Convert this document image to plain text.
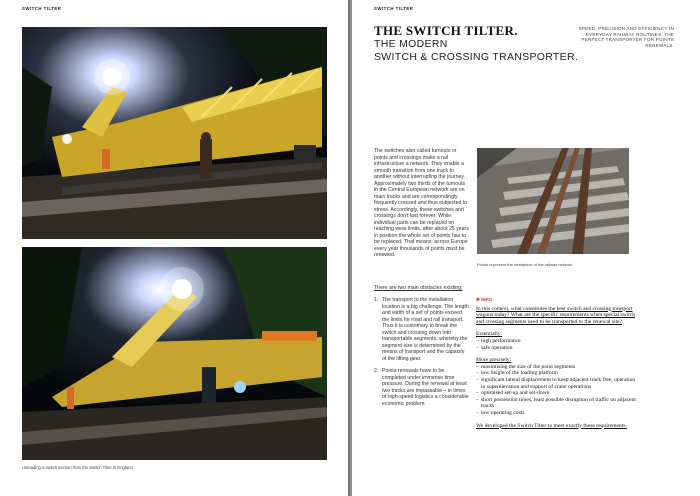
SWITCH TILTER
Unloading a switch section from the Switch Tilter in England
SWITCH TILTER
THE SWITCH TILTER.
THE MODERN
SWITCH & CROSSING TRANSPORTER.
SPEED, PRECISION AND EFFICIENCY IN EVERYDAY RAILWAY ROUTINES: THE PERFECT TRANSPORTER FOR POINTS RENEWALS.
The switches also called turnouts or points and crossings make a rail infrastructure a network. They enable a smooth transition from one track to another without interrupting the journey. Approximately two thirds of the turnouts in the Central European network are on main tracks and are correspondingly frequently crossed and thus subjected to stress. Accordingly, these switches and crossings don't last forever. While individual parts can be replaced on reaching wear limits, after about 25 years in position the whole set of points has to be replaced. That means: across Europe every year thousands of points must be renewed.
Points represent the heartpiece of the railway network
There are two main obstacles existing:
1. The transport to the installation location is a big challenge. The length and width of a set of points exceed the limits for road and rail transport. Thus it is customary to break the switch and crossing down into transportable segments, whereby the segment size is determined by the means of transport and the capacity of the lifting gear.
2. Points renewals have to be completed under immense time pressure. During the renewal at least two tracks are impassable – in times of high-speed logistics a considerable economic problem.
✱ INFO
In this context, what constitutes the best switch and crossing transport wagons today? What are the specific requirements when special switch and crossing segments need to be transported to the renewal site?
Essentially:
– high performance
– safe operation
More precisely:
– maximising the size of the point segments
– low height of the loading platform
– significant lateral displacement to keep adjacent track free, operation in superelevation and support of crane operations
– optimised set-up and set-down
– short possession times, least possible disruption of traffic on adjacent tracks
– low operating costs
We developed the Switch Tilter to meet exactly these requirements.
